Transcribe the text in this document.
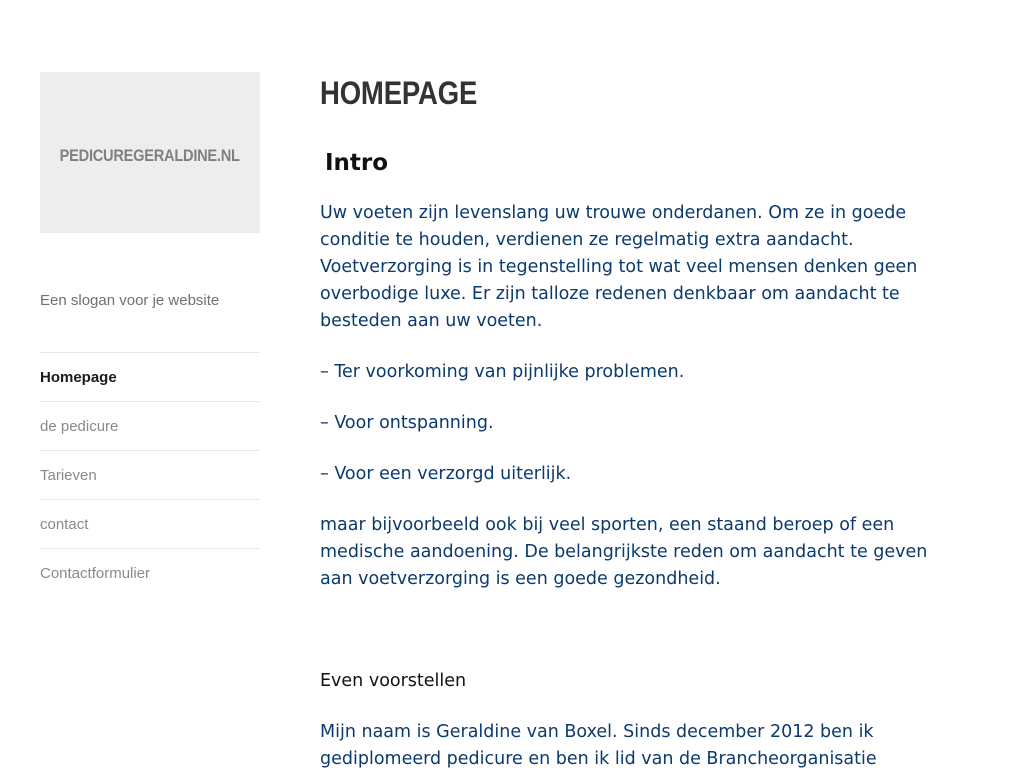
PEDICUREGERALDINE.NL
Een slogan voor je website
Homepage
de pedicure
Tarieven
contact
Contactformulier
HOMEPAGE
Intro

Uw voeten zijn levenslang uw trouwe onderdanen. Om ze in goede conditie te houden, verdienen ze regelmatig extra aandacht. Voetverzorging is in tegenstelling tot wat veel mensen denken geen overbodige luxe. Er zijn talloze redenen denkbaar om aandacht te besteden aan uw voeten.

– Ter voorkoming van pijnlijke problemen.

– Voor ontspanning.

– Voor een verzorgd uiterlijk.

maar bijvoorbeeld ook bij veel sporten, een staand beroep of een medische aandoening. De belangrijkste reden om aandacht te geven aan voetverzorging is een goede gezondheid.

Even voorstellen

Mijn naam is Geraldine van Boxel. Sinds december 2012 ben ik gediplomeerd pedicure en ben ik lid van de Brancheorganisatie
